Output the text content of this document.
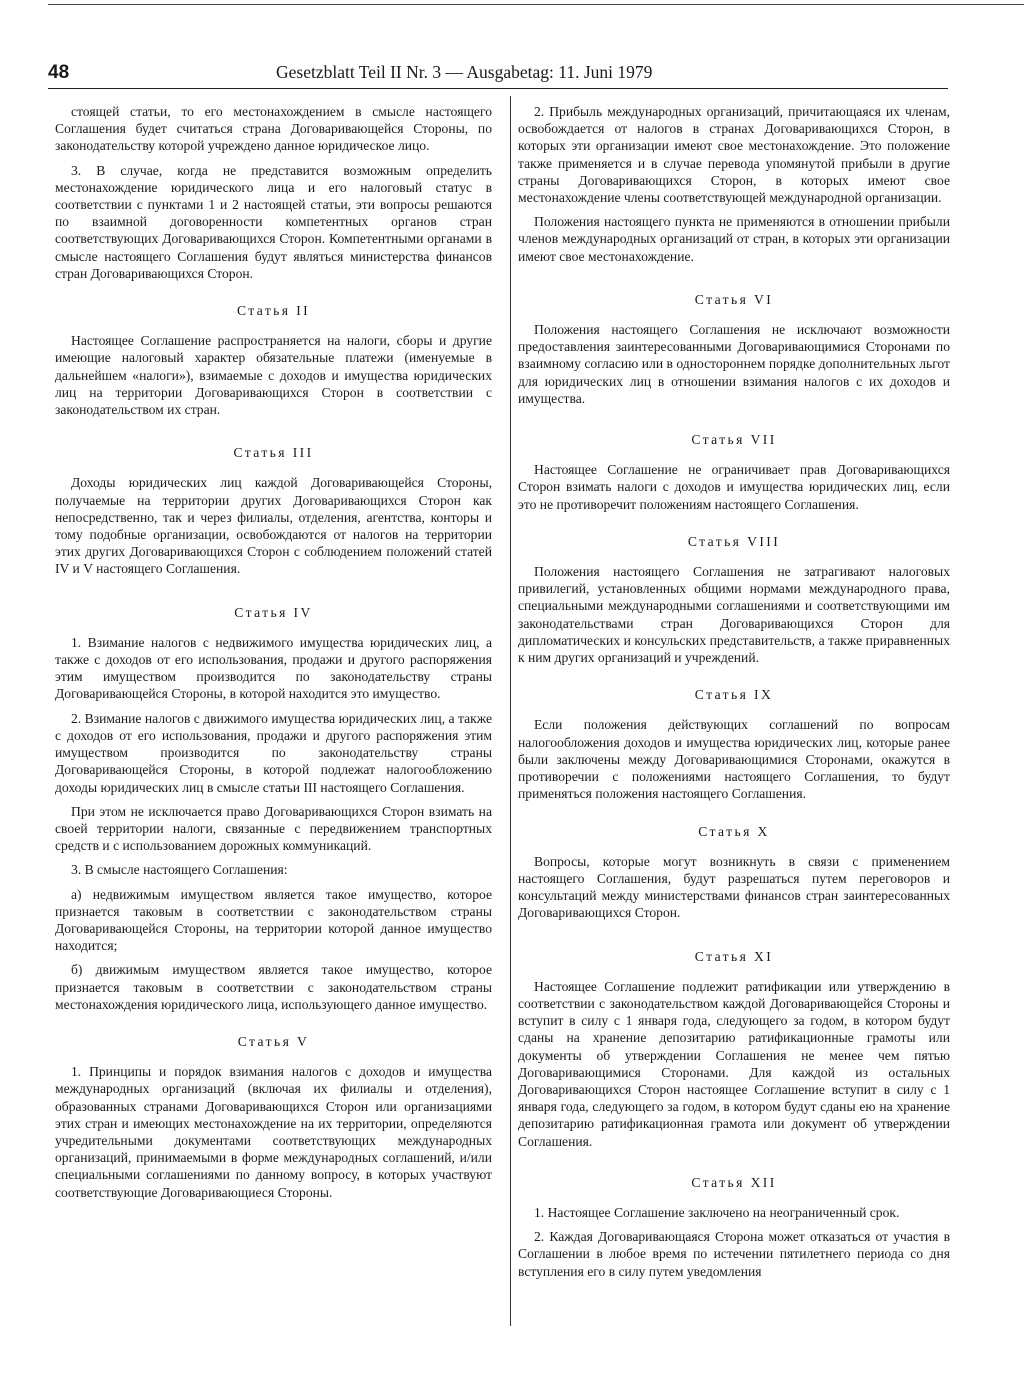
48	Gesetzblatt Teil II Nr. 3 — Ausgabetag: 11. Juni 1979

стоящей статьи, то его местонахождением в смысле настоящего Соглашения будет считаться страна Договаривающейся Стороны, по законодательству которой учреждено данное юридическое лицо.

3. В случае, когда не представится возможным определить местонахождение юридического лица и его налоговый статус в соответствии с пунктами 1 и 2 настоящей статьи, эти вопросы решаются по взаимной договоренности компетентных органов стран соответствующих Договаривающихся Сторон. Компетентными органами в смысле настоящего Соглашения будут являться министерства финансов стран Договаривающихся Сторон.

Статья II

Настоящее Соглашение распространяется на налоги, сборы и другие имеющие налоговый характер обязательные платежи (именуемые в дальнейшем «налоги»), взимаемые с доходов и имущества юридических лиц на территории Договаривающихся Сторон в соответствии с законодательством их стран.

Статья III

Доходы юридических лиц каждой Договаривающейся Стороны, получаемые на территории других Договаривающихся Сторон как непосредственно, так и через филиалы, отделения, агентства, конторы и тому подобные организации, освобождаются от налогов на территории этих других Договаривающихся Сторон с соблюдением положений статей IV и V настоящего Соглашения.

Статья IV

1. Взимание налогов с недвижимого имущества юридических лиц, а также с доходов от его использования, продажи и другого распоряжения этим имуществом производится по законодательству страны Договаривающейся Стороны, в которой находится это имущество.

2. Взимание налогов с движимого имущества юридических лиц, а также с доходов от его использования, продажи и другого распоряжения этим имуществом производится по законодательству страны Договаривающейся Стороны, в которой подлежат налогообложению доходы юридических лиц в смысле статьи III настоящего Соглашения.

При этом не исключается право Договаривающихся Сторон взимать на своей территории налоги, связанные с передвижением транспортных средств и с использованием дорожных коммуникаций.

3. В смысле настоящего Соглашения:

а) недвижимым имуществом является такое имущество, которое признается таковым в соответствии с законодательством страны Договаривающейся Стороны, на территории которой данное имущество находится;

б) движимым имуществом является такое имущество, которое признается таковым в соответствии с законодательством страны местонахождения юридического лица, использующего данное имущество.

Статья V

1. Принципы и порядок взимания налогов с доходов и имущества международных организаций (включая их филиалы и отделения), образованных странами Договаривающихся Сторон или организациями этих стран и имеющих местонахождение на их территории, определяются учредительными документами соответствующих международных организаций, принимаемыми в форме международных соглашений, и/или специальными соглашениями по данному вопросу, в которых участвуют соответствующие Договаривающиеся Стороны.

2. Прибыль международных организаций, причитающаяся их членам, освобождается от налогов в странах Договаривающихся Сторон, в которых эти организации имеют свое местонахождение. Это положение также применяется и в случае перевода упомянутой прибыли в другие страны Договаривающихся Сторон, в которых имеют свое местонахождение члены соответствующей международной организации.

Положения настоящего пункта не применяются в отношении прибыли членов международных организаций от стран, в которых эти организации имеют свое местонахождение.

Статья VI

Положения настоящего Соглашения не исключают возможности предоставления заинтересованными Договаривающимися Сторонами по взаимному согласию или в одностороннем порядке дополнительных льгот для юридических лиц в отношении взимания налогов с их доходов и имущества.

Статья VII

Настоящее Соглашение не ограничивает прав Договаривающихся Сторон взимать налоги с доходов и имущества юридических лиц, если это не противоречит положениям настоящего Соглашения.

Статья VIII

Положения настоящего Соглашения не затрагивают налоговых привилегий, установленных общими нормами международного права, специальными международными соглашениями и соответствующими им законодательствами стран Договаривающихся Сторон для дипломатических и консульских представительств, а также приравненных к ним других организаций и учреждений.

Статья IX

Если положения действующих соглашений по вопросам налогообложения доходов и имущества юридических лиц, которые ранее были заключены между Договаривающимися Сторонами, окажутся в противоречии с положениями настоящего Соглашения, то будут применяться положения настоящего Соглашения.

Статья X

Вопросы, которые могут возникнуть в связи с применением настоящего Соглашения, будут разрешаться путем переговоров и консультаций между министерствами финансов стран заинтересованных Договаривающихся Сторон.

Статья XI

Настоящее Соглашение подлежит ратификации или утверждению в соответствии с законодательством каждой Договаривающейся Стороны и вступит в силу с 1 января года, следующего за годом, в котором будут сданы на хранение депозитарию ратификационные грамоты или документы об утверждении Соглашения не менее чем пятью Договаривающимися Сторонами. Для каждой из остальных Договаривающихся Сторон настоящее Соглашение вступит в силу с 1 января года, следующего за годом, в котором будут сданы ею на хранение депозитарию ратификационная грамота или документ об утверждении Соглашения.

Статья XII

1. Настоящее Соглашение заключено на неограниченный срок.

2. Каждая Договаривающаяся Сторона может отказаться от участия в Соглашении в любое время по истечении пятилетнего периода со дня вступления его в силу путем уведомления
